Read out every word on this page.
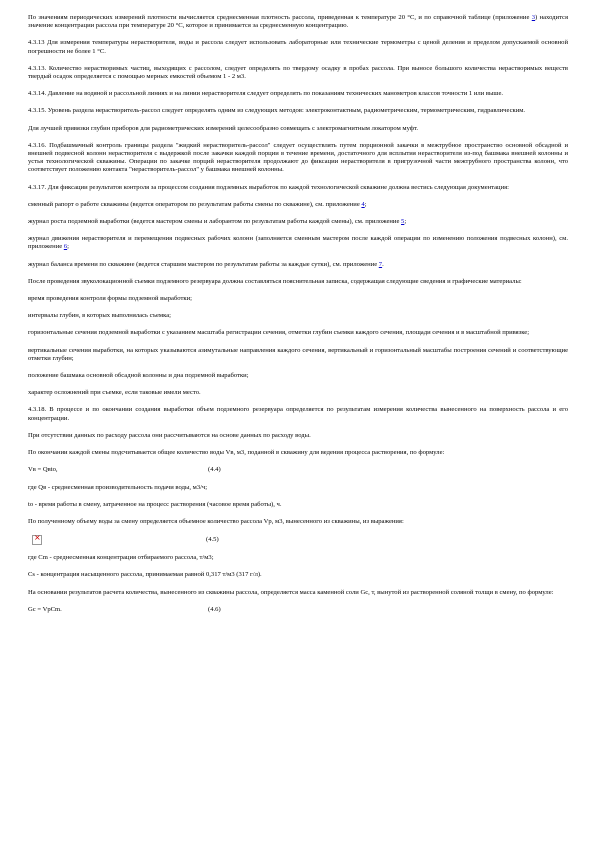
По значениям периодических измерений плотности вычисляется среднесменная плотность рассола, приведенная к температуре 20 °С, и по справочной таблице (приложение 3) находится значение концентрации рассола при температуре 20 °С, которое и принимается за среднесменную концентрацию.

4.3.13 Для измерения температуры нерастворителя, воды и рассола следует использовать лабораторные или технические термометры с ценой деления и пределом допускаемой основной погрешности не более 1 °С.

4.3.13. Количество нерастворимых частиц, выходящих с рассолом, следует определять по твердому осадку в пробах рассола. При выносе большого количества нерастворимых веществ твердый осадок определяется с помощью мерных емкостей объемом 1 - 2 м3.

4.3.14. Давление на водяной и рассольной линиях и на линии нерастворителя следует определять по показаниям технических манометров классов точности 1 или выше.

4.3.15. Уровень раздела нерастворитель-рассол следует определять одним из следующих методов: электроконтактным, радиометрическим, термометрическим, гидравлическим.

Для лучшей привязки глубин приборов для радиометрических измерений целесообразно совмещать с электромагнитным локатором муфт.

4.3.16. Подбашмачный контроль границы раздела "жидкий нерастворитель-рассол" следует осуществлять путем порционной закачки в межтрубное пространство основной обсадной и внешней подвесной колонн нерастворителя с выдержкой после закачки каждой порции в течение времени, достаточного для всплытия нерастворителя из-под башмака внешней колонны и устья технологической скважины. Операции по закачке порций нерастворителя продолжают до фиксации нерастворителя в пригрузочной части межтрубного пространства колонн, что соответствует положению контакта "нерастворитель-рассол" у башмака внешней колонны.

4.3.17. Для фиксации результатов контроля за процессом создания подземных выработок по каждой технологической скважине должна вестись следующая документация:

сменный рапорт о работе скважины (ведется оператором по результатам работы смены по скважине), см. приложение 4;

журнал роста подземной выработки (ведется мастером смены и лаборантом по результатам работы каждой смены), см. приложение 5;

журнал движения нерастворителя и перемещения подвесных рабочих колонн (заполняется сменным мастером после каждой операции по изменению положения подвесных колонн), см. приложение 6;

журнал баланса времени по скважине (ведется старшим мастером по результатам работы за каждые сутки), см. приложение 7.

После проведения звуколокационной съемки подземного резервуара должна составляться пояснительная записка, содержащая следующие сведения и графические материалы:

время проведения контроля формы подземной выработки;

интервалы глубин, в которых выполнялась съемка;

горизонтальные сечения подземной выработки с указанием масштаба регистрации сечения, отметки глубин съемки каждого сечения, площади сечения и в масштабной привязке;

вертикальные сечения выработки, на которых указываются азимутальные направления каждого сечения, вертикальный и горизонтальный масштабы построения сечений и соответствующие отметки глубин;

положение башмака основной обсадной колонны и дна подземной выработки;

характер осложнений при съемке, если таковые имели место.

4.3.18. В процессе и по окончании создания выработки объем подземного резервуара определяется по результатам измерения количества вынесенного на поверхность рассола и его концентрации.

При отсутствии данных по расходу рассола они рассчитываются на основе данных по расходу воды.

По окончании каждой смены подсчитывается общее количество воды Vв, м3, поданной в скважину для ведения процесса растворения, по формуле:

Vв = Qвtо,	(4.4)

где Qв - среднесменная производительность подачи воды, м3/ч;

tо - время работы в смену, затраченное на процесс растворения (часовое время работы), ч.

По полученному объему воды за смену определяется объемное количество рассола Vр, м3, вынесенного из скважины, из выражения:

×
(4.5)

где Cm - среднесменная концентрация отбираемого рассола, т/м3;

Cs - концентрация насыщенного рассола, принимаемая равной 0,317 т/м3 (317 г/л).

На основании результатов расчета количества, вынесенного из скважины рассола, определяется масса каменной соли Gc, т, вынутой из растворенной соляной толщи в смену, по формуле:

Gc = VрCm.	(4.6)
